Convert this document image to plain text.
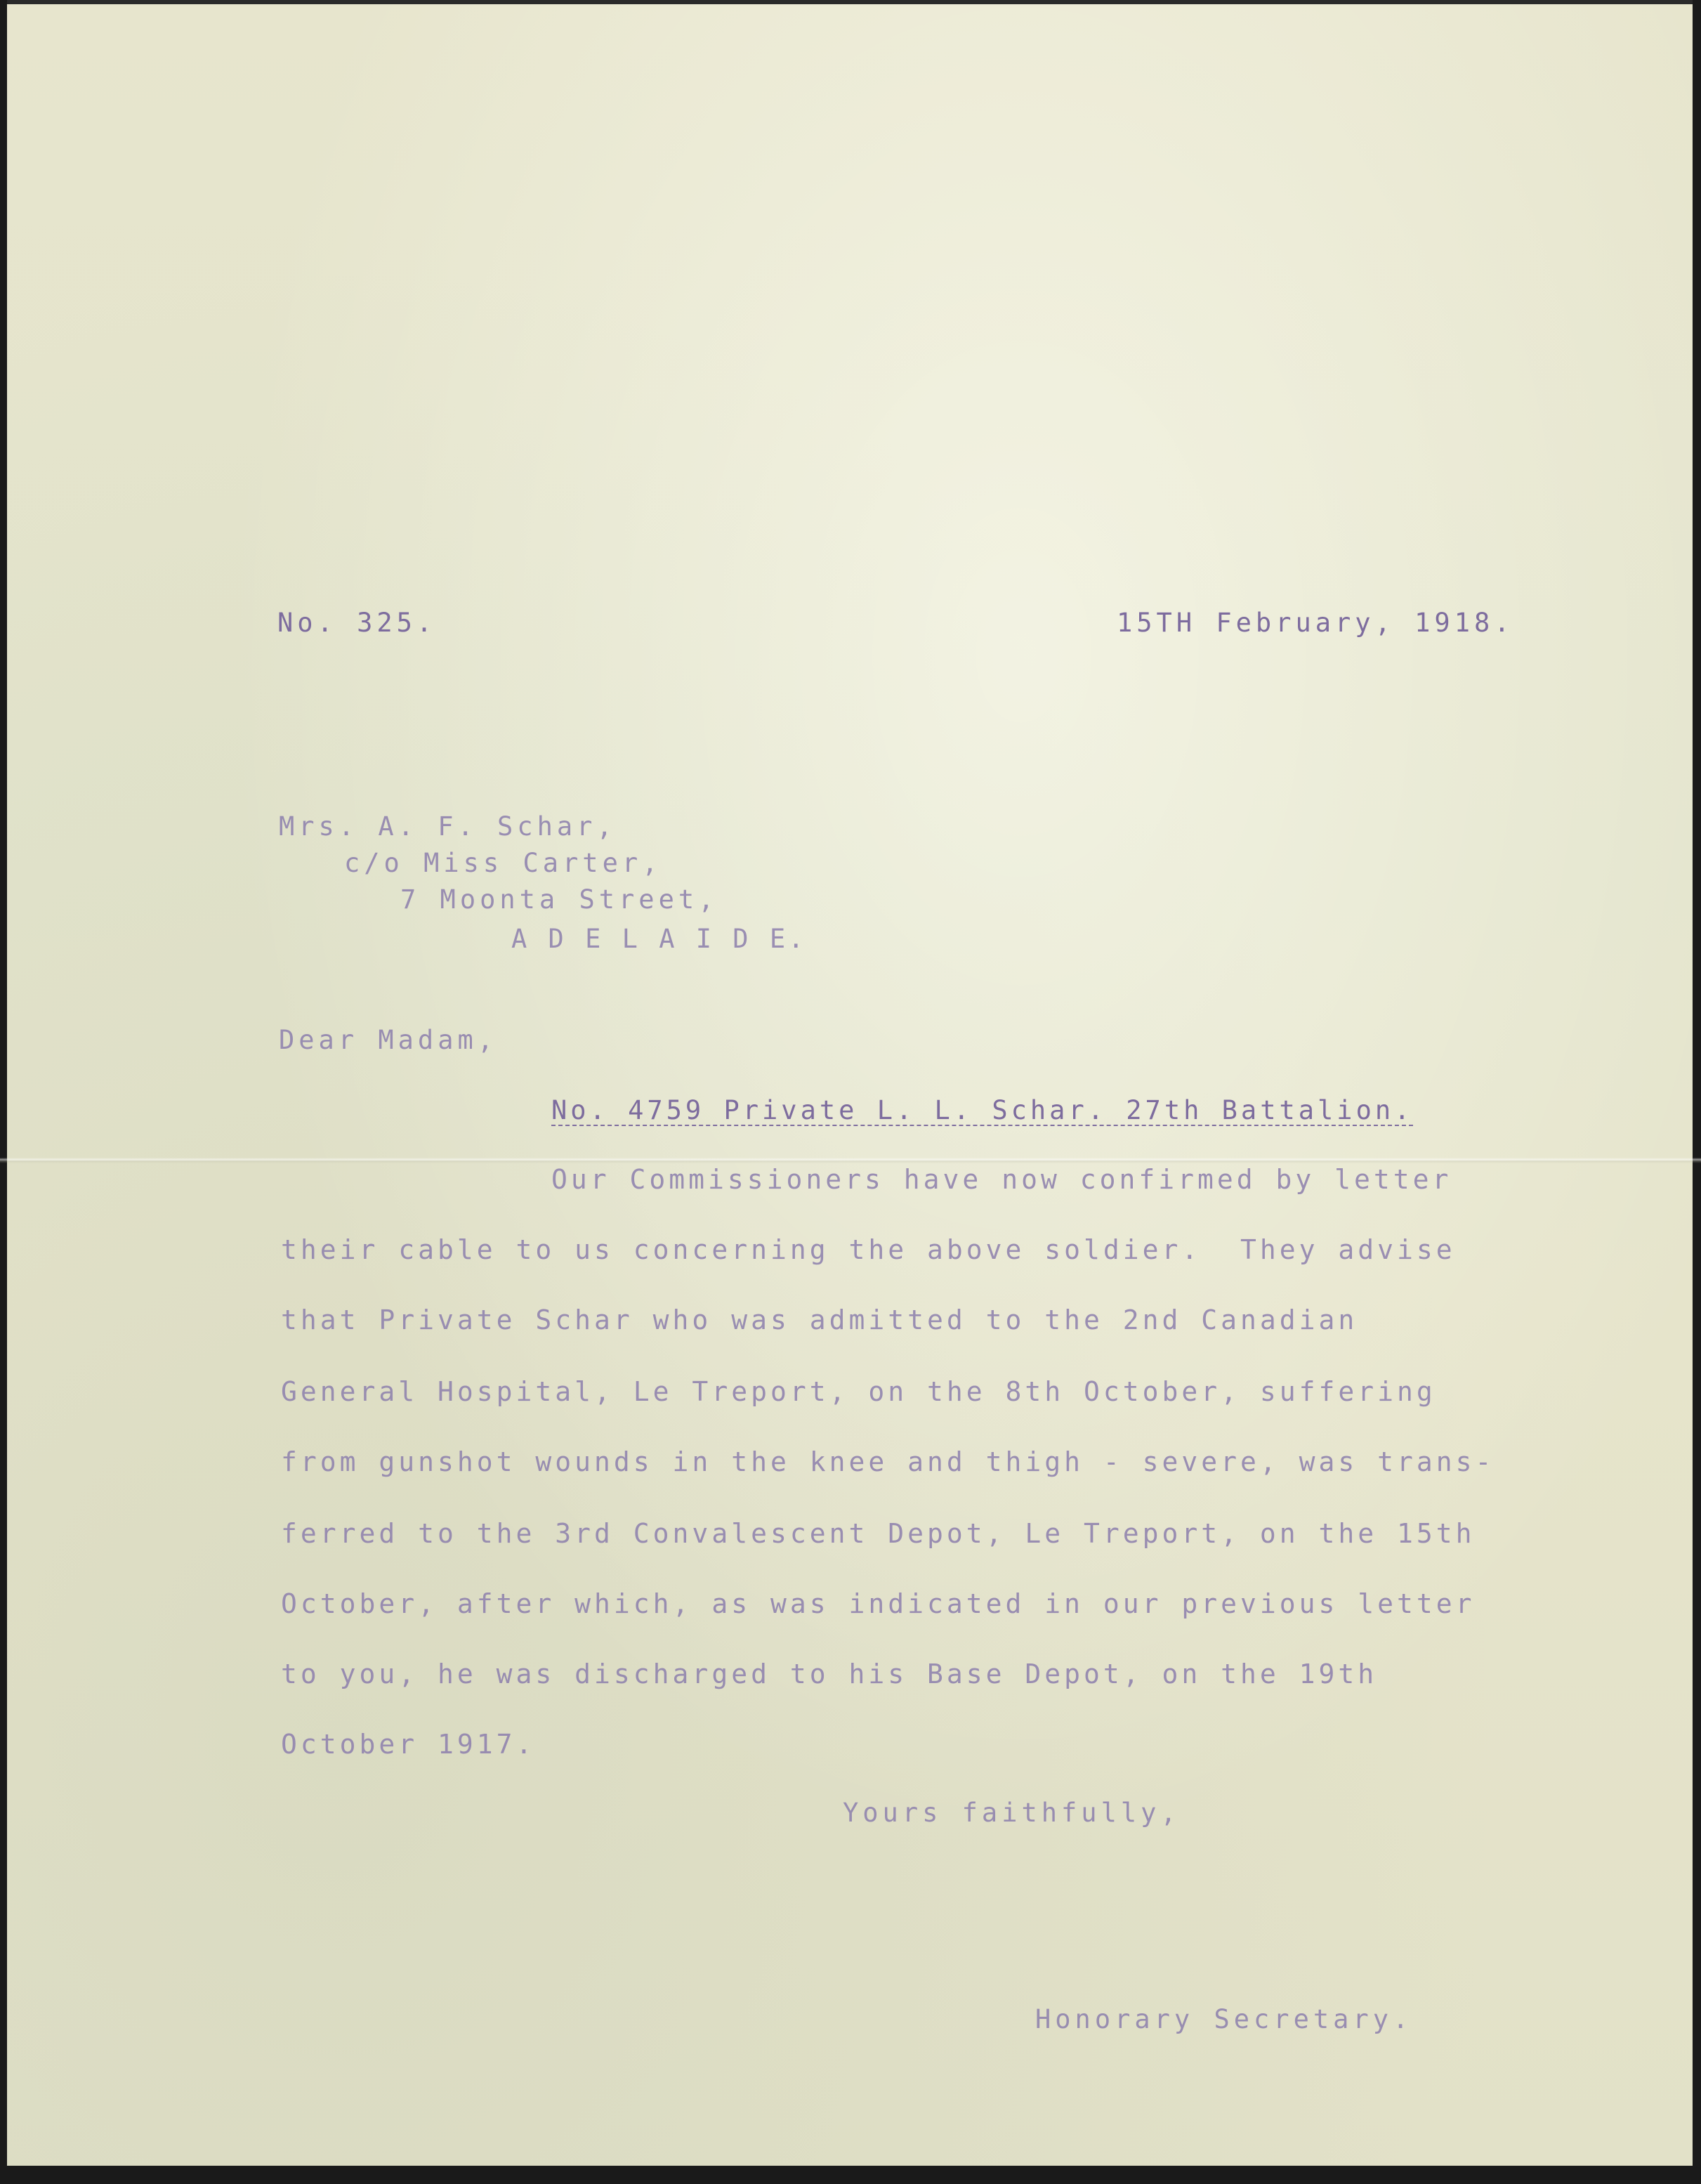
No. 325.	15TH February, 1918.
Mrs. A. F. Schar,
c/o Miss Carter,
7 Moonta Street,
A D E L A I D E.
Dear Madam,
No. 4759 Private L. L. Schar. 27th Battalion.
Our Commissioners have now confirmed by letter
their cable to us concerning the above soldier.  They advise
that Private Schar who was admitted to the 2nd Canadian
General Hospital, Le Treport, on the 8th October, suffering
from gunshot wounds in the knee and thigh - severe, was trans-
ferred to the 3rd Convalescent Depot, Le Treport, on the 15th
October, after which, as was indicated in our previous letter
to you, he was discharged to his Base Depot, on the 19th
October 1917.
Yours faithfully,
Honorary Secretary.
